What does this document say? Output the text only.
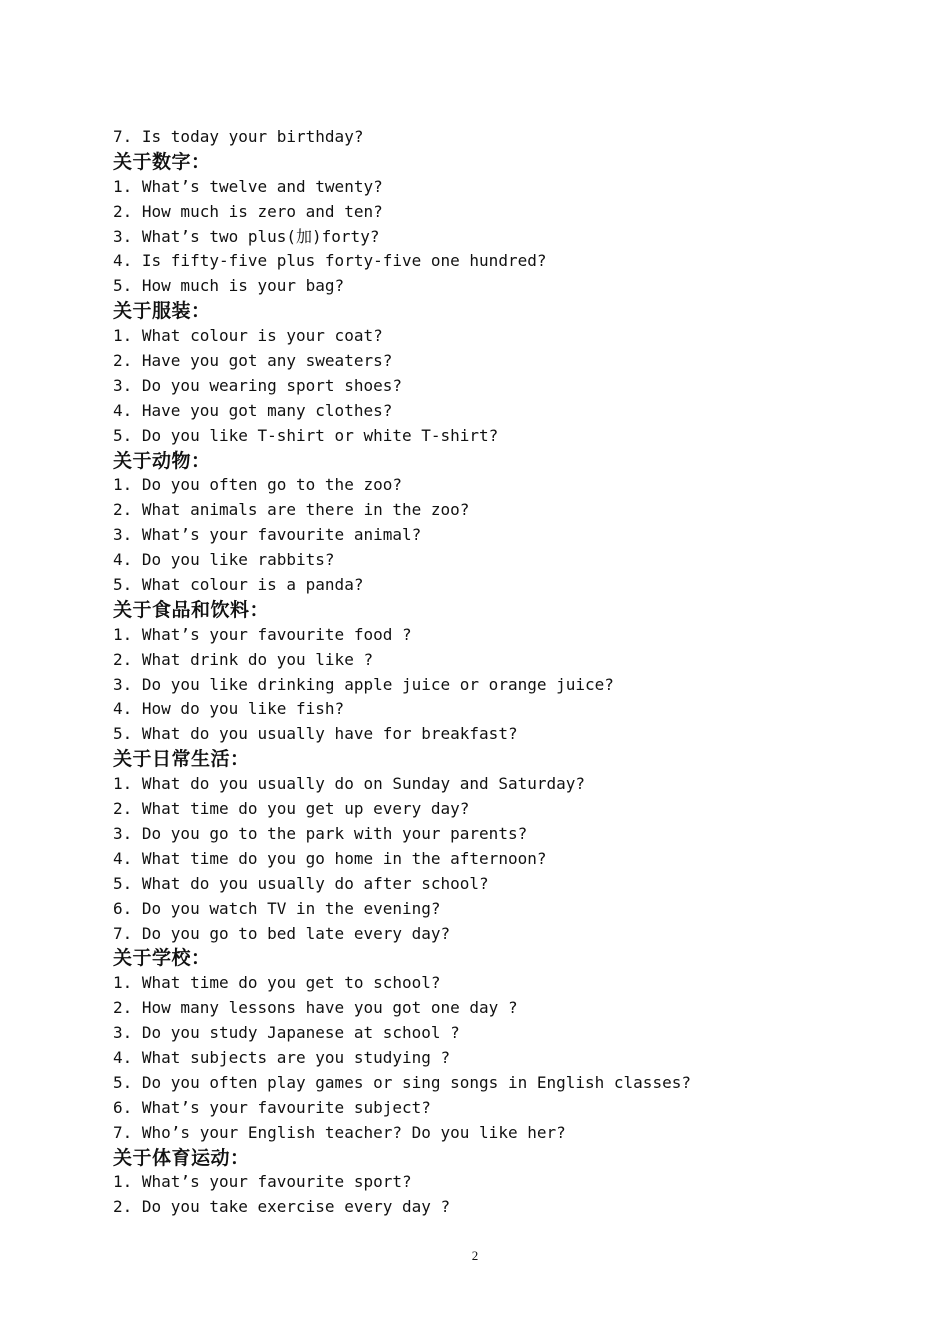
7. Is today your birthday?
关于数字：
1. What’s twelve and twenty?
2. How much is zero and ten?
3. What’s two plus(加)forty?
4. Is fifty-five plus forty-five one hundred?
5. How much is your bag?
关于服装：
1. What colour is your coat?
2. Have you got any sweaters?
3. Do you wearing sport shoes?
4. Have you got many clothes?
5. Do you like T-shirt or white T-shirt?
关于动物：
1. Do you often go to the zoo?
2. What animals are there in the zoo?
3. What’s your favourite animal?
4. Do you like rabbits?
5. What colour is a panda?
关于食品和饮料：
1. What’s your favourite food ?
2. What drink do you like ?
3. Do you like drinking apple juice or orange juice?
4. How do you like fish?
5. What do you usually have for breakfast?
关于日常生活：
1. What do you usually do on Sunday and Saturday?
2. What time do you get up every day?
3. Do you go to the park with your parents?
4. What time do you go home in the afternoon?
5. What do you usually do after school?
6. Do you watch TV in the evening?
7. Do you go to bed late every day?
关于学校：
1. What time do you get to school?
2. How many lessons have you got one day ?
3. Do you study Japanese at school ?
4. What subjects are you studying ?
5. Do you often play games or sing songs in English classes?
6. What’s your favourite subject?
7. Who’s your English teacher? Do you like her?
关于体育运动：
1. What’s your favourite sport?
2. Do you take exercise every day ?
2
